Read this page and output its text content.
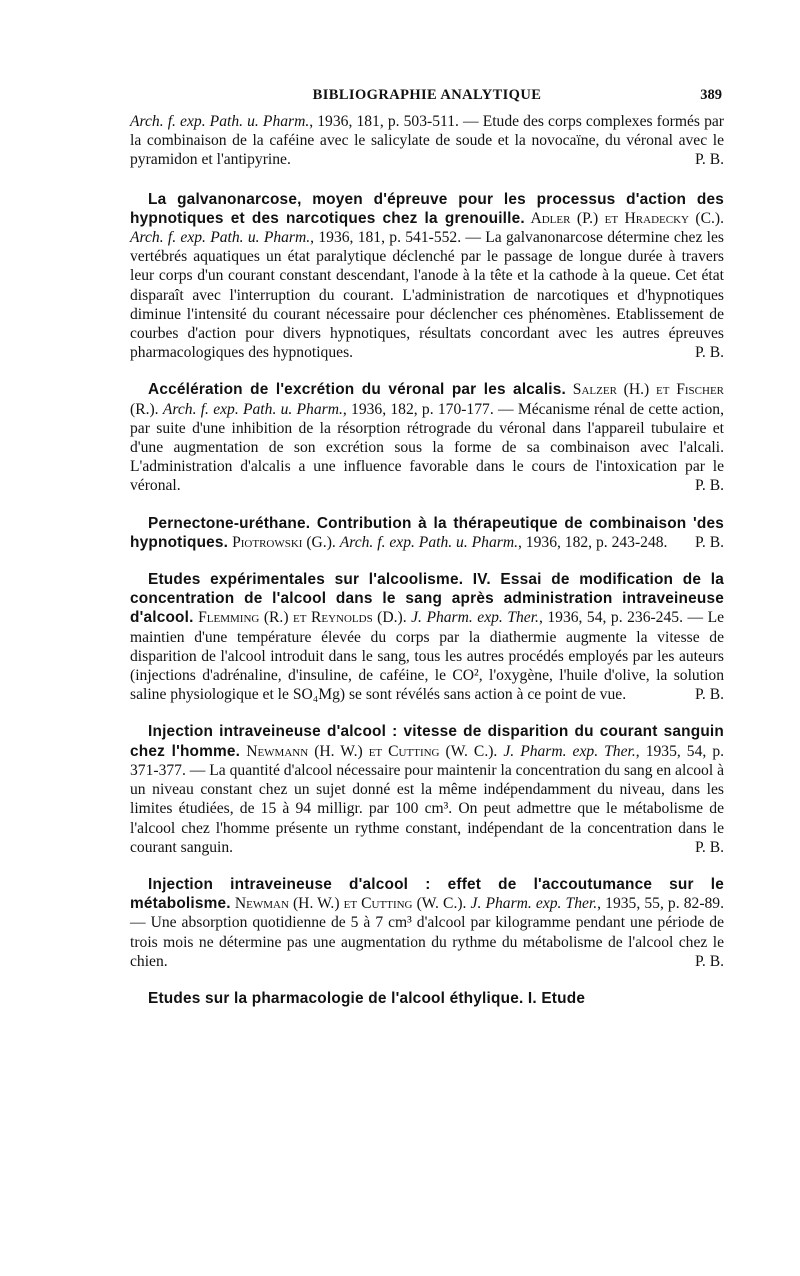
BIBLIOGRAPHIE ANALYTIQUE	389

Arch. f. exp. Path. u. Pharm., 1936, 181, p. 503-511. — Etude des corps complexes formés par la combinaison de la caféine avec le salicylate de soude et la novocaïne, du véronal avec le pyramidon et l'antipyrine.	P. B.

La galvanonarcose, moyen d'épreuve pour les processus d'action des hypnotiques et des narcotiques chez la grenouille. Adler (P.) et Hradecky (C.). Arch. f. exp. Path. u. Pharm., 1936, 181, p. 541-552. — La galvanonarcose détermine chez les vertébrés aquatiques un état paralytique déclenché par le passage de longue durée à travers leur corps d'un courant constant descendant, l'anode à la tête et la cathode à la queue. Cet état disparaît avec l'interruption du courant. L'administration de narcotiques et d'hypnotiques diminue l'intensité du courant nécessaire pour déclencher ces phénomènes. Etablissement de courbes d'action pour divers hypnotiques, résultats concordant avec les autres épreuves pharmacologiques des hypnotiques.	P. B.

Accélération de l'excrétion du véronal par les alcalis. Salzer (H.) et Fischer (R.). Arch. f. exp. Path. u. Pharm., 1936, 182, p. 170-177. — Mécanisme rénal de cette action, par suite d'une inhibition de la résorption rétrograde du véronal dans l'appareil tubulaire et d'une augmentation de son excrétion sous la forme de sa combinaison avec l'alcali. L'administration d'alcalis a une influence favorable dans le cours de l'intoxication par le véronal.	P. B.

Pernectone-uréthane. Contribution à la thérapeutique de combinaison 'des hypnotiques. Piotrowski (G.). Arch. f. exp. Path. u. Pharm., 1936, 182, p. 243-248.	P. B.

Etudes expérimentales sur l'alcoolisme. IV. Essai de modification de la concentration de l'alcool dans le sang après administration intraveineuse d'alcool. Flemming (R.) et Reynolds (D.). J. Pharm. exp. Ther., 1936, 54, p. 236-245. — Le maintien d'une température élevée du corps par la diathermie augmente la vitesse de disparition de l'alcool introduit dans le sang, tous les autres procédés employés par les auteurs (injections d'adrénaline, d'insuline, de caféine, le CO², l'oxygène, l'huile d'olive, la solution saline physiologique et le SO₄Mg) se sont révélés sans action à ce point de vue.	P. B.

Injection intraveineuse d'alcool : vitesse de disparition du courant sanguin chez l'homme. Newmann (H. W.) et Cutting (W. C.). J. Pharm. exp. Ther., 1935, 54, p. 371-377. — La quantité d'alcool nécessaire pour maintenir la concentration du sang en alcool à un niveau constant chez un sujet donné est la même indépendamment du niveau, dans les limites étudiées, de 15 à 94 milligr. par 100 cm³. On peut admettre que le métabolisme de l'alcool chez l'homme présente un rythme constant, indépendant de la concentration dans le courant sanguin.	P. B.

Injection intraveineuse d'alcool : effet de l'accoutumance sur le métabolisme. Newman (H. W.) et Cutting (W. C.). J. Pharm. exp. Ther., 1935, 55, p. 82-89. — Une absorption quotidienne de 5 à 7 cm³ d'alcool par kilogramme pendant une période de trois mois ne détermine pas une augmentation du rythme du métabolisme de l'alcool chez le chien.	P. B.

Etudes sur la pharmacologie de l'alcool éthylique. I. Etude
